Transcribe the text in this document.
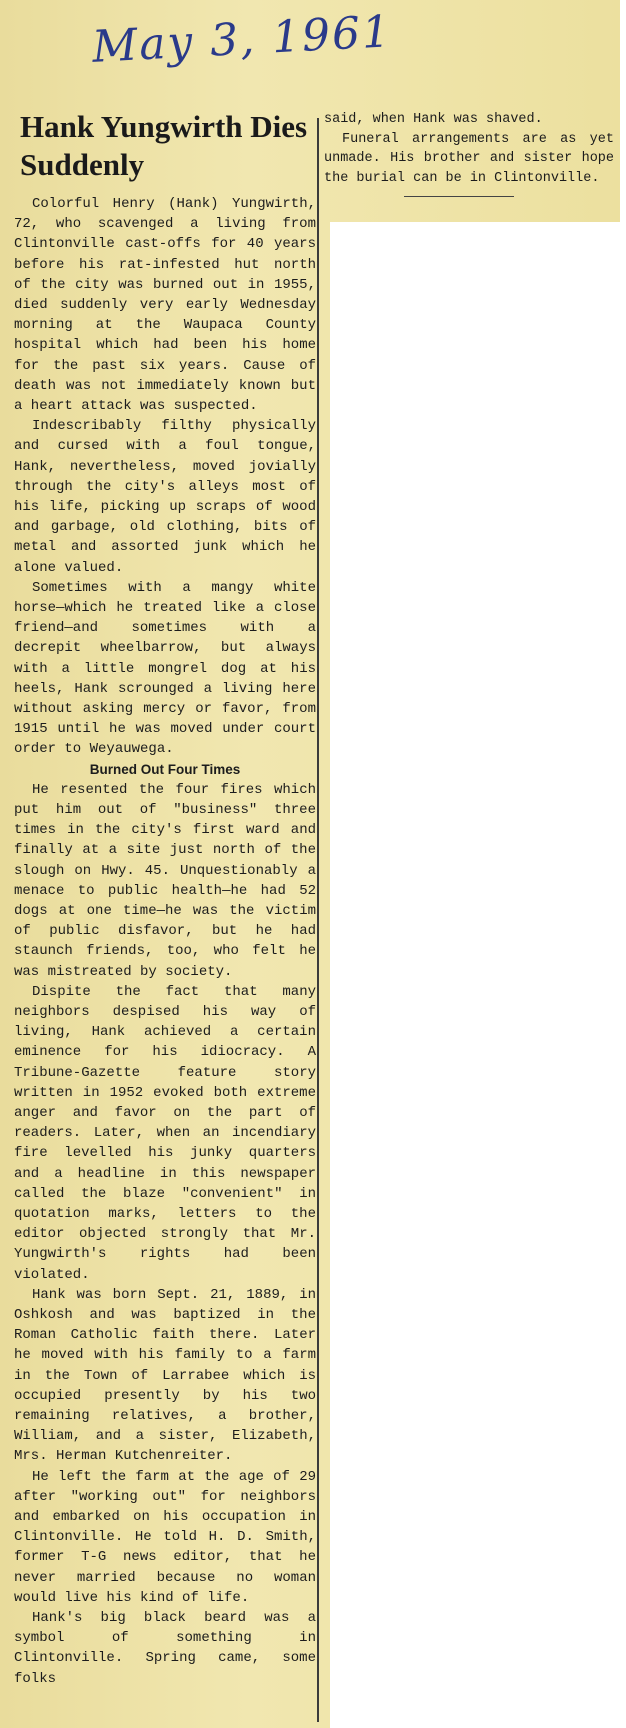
May 3, 1961
Hank Yungwirth Dies Suddenly

Colorful Henry (Hank) Yungwirth, 72, who scavenged a living from Clintonville cast-offs for 40 years before his rat-infested hut north of the city was burned out in 1955, died suddenly very early Wednesday morning at the Waupaca County hospital which had been his home for the past six years. Cause of death was not immediately known but a heart attack was suspected.

Indescribably filthy physically and cursed with a foul tongue, Hank, nevertheless, moved jovially through the city's alleys most of his life, picking up scraps of wood and garbage, old clothing, bits of metal and assorted junk which he alone valued.

Sometimes with a mangy white horse—which he treated like a close friend—and sometimes with a decrepit wheelbarrow, but always with a little mongrel dog at his heels, Hank scrounged a living here without asking mercy or favor, from 1915 until he was moved under court order to Weyauwega.

Burned Out Four Times

He resented the four fires which put him out of "business" three times in the city's first ward and finally at a site just north of the slough on Hwy. 45. Unquestionably a menace to public health—he had 52 dogs at one time—he was the victim of public disfavor, but he had staunch friends, too, who felt he was mistreated by society.

Dispite the fact that many neighbors despised his way of living, Hank achieved a certain eminence for his idiocracy. A Tribune-Gazette feature story written in 1952 evoked both extreme anger and favor on the part of readers. Later, when an incendiary fire levelled his junky quarters and a headline in this newspaper called the blaze "convenient" in quotation marks, letters to the editor objected strongly that Mr. Yungwirth's rights had been violated.

Hank was born Sept. 21, 1889, in Oshkosh and was baptized in the Roman Catholic faith there. Later he moved with his family to a farm in the Town of Larrabee which is occupied presently by his two remaining relatives, a brother, William, and a sister, Elizabeth, Mrs. Herman Kutchenreiter.

He left the farm at the age of 29 after "working out" for neighbors and embarked on his occupation in Clintonville. He told H. D. Smith, former T-G news editor, that he never married because no woman would live his kind of life.

Hank's big black beard was a symbol of something in Clintonville. Spring came, some folks

said, when Hank was shaved.

Funeral arrangements are as yet unmade. His brother and sister hope the burial can be in Clintonville.
